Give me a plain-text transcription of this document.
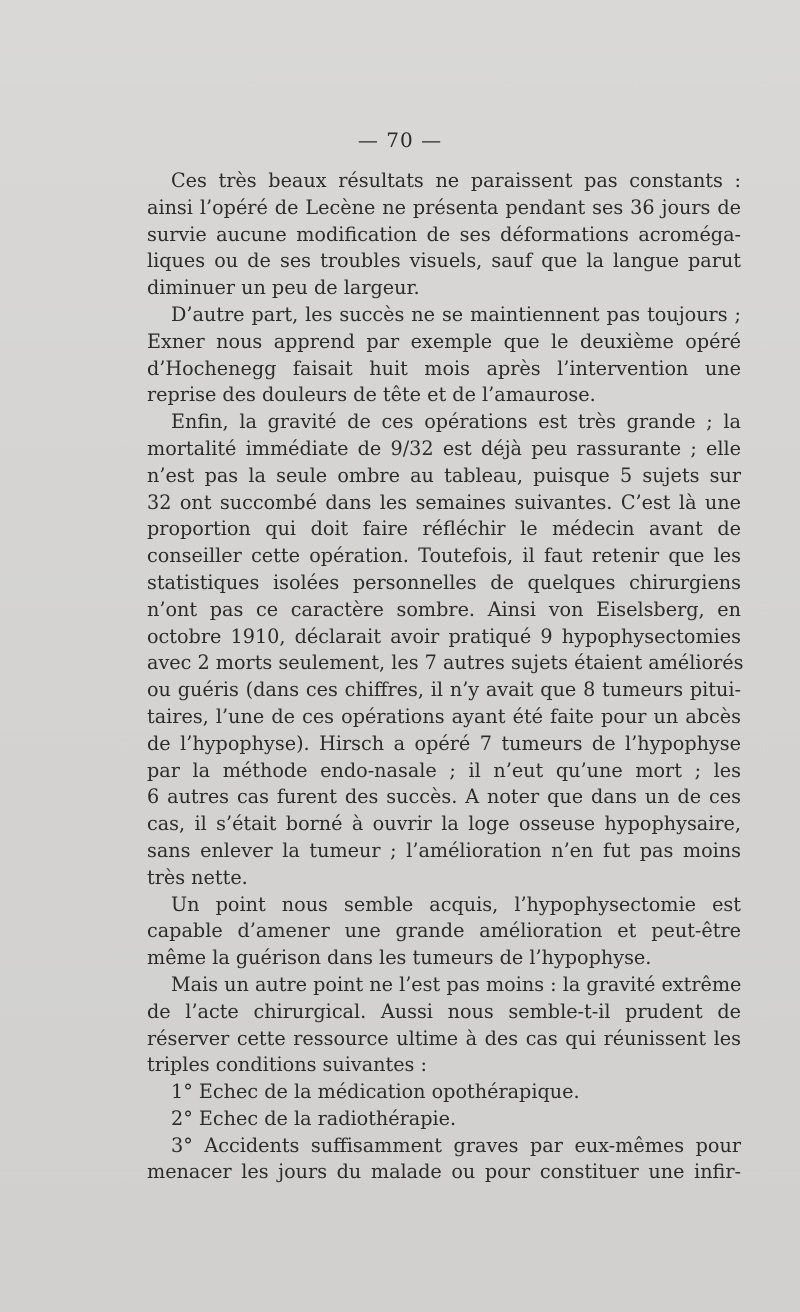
— 70 —
Ces très beaux résultats ne paraissent pas constants :
ainsi l’opéré de Lecène ne présenta pendant ses 36 jours de
survie aucune modification de ses déformations acroméga-
liques ou de ses troubles visuels, sauf que la langue parut
diminuer un peu de largeur.
D’autre part, les succès ne se maintiennent pas toujours ;
Exner nous apprend par exemple que le deuxième opéré
d’Hochenegg faisait huit mois après l’intervention une
reprise des douleurs de tête et de l’amaurose.
Enfin, la gravité de ces opérations est très grande ; la
mortalité immédiate de 9/32 est déjà peu rassurante ; elle
n’est pas la seule ombre au tableau, puisque 5 sujets sur
32 ont succombé dans les semaines suivantes. C’est là une
proportion qui doit faire réfléchir le médecin avant de
conseiller cette opération. Toutefois, il faut retenir que les
statistiques isolées personnelles de quelques chirurgiens
n’ont pas ce caractère sombre. Ainsi von Eiselsberg, en
octobre 1910, déclarait avoir pratiqué 9 hypophysectomies
avec 2 morts seulement, les 7 autres sujets étaient améliorés
ou guéris (dans ces chiffres, il n’y avait que 8 tumeurs pitui-
taires, l’une de ces opérations ayant été faite pour un abcès
de l’hypophyse). Hirsch a opéré 7 tumeurs de l’hypophyse
par la méthode endo-nasale ; il n’eut qu’une mort ; les
6 autres cas furent des succès. A noter que dans un de ces
cas, il s’était borné à ouvrir la loge osseuse hypophysaire,
sans enlever la tumeur ; l’amélioration n’en fut pas moins
très nette.
Un point nous semble acquis, l’hypophysectomie est
capable d’amener une grande amélioration et peut-être
même la guérison dans les tumeurs de l’hypophyse.
Mais un autre point ne l’est pas moins : la gravité extrême
de l’acte chirurgical. Aussi nous semble-t-il prudent de
réserver cette ressource ultime à des cas qui réunissent les
triples conditions suivantes :
1° Echec de la médication opothérapique.
2° Echec de la radiothérapie.
3° Accidents suffisamment graves par eux-mêmes pour
menacer les jours du malade ou pour constituer une infir-
